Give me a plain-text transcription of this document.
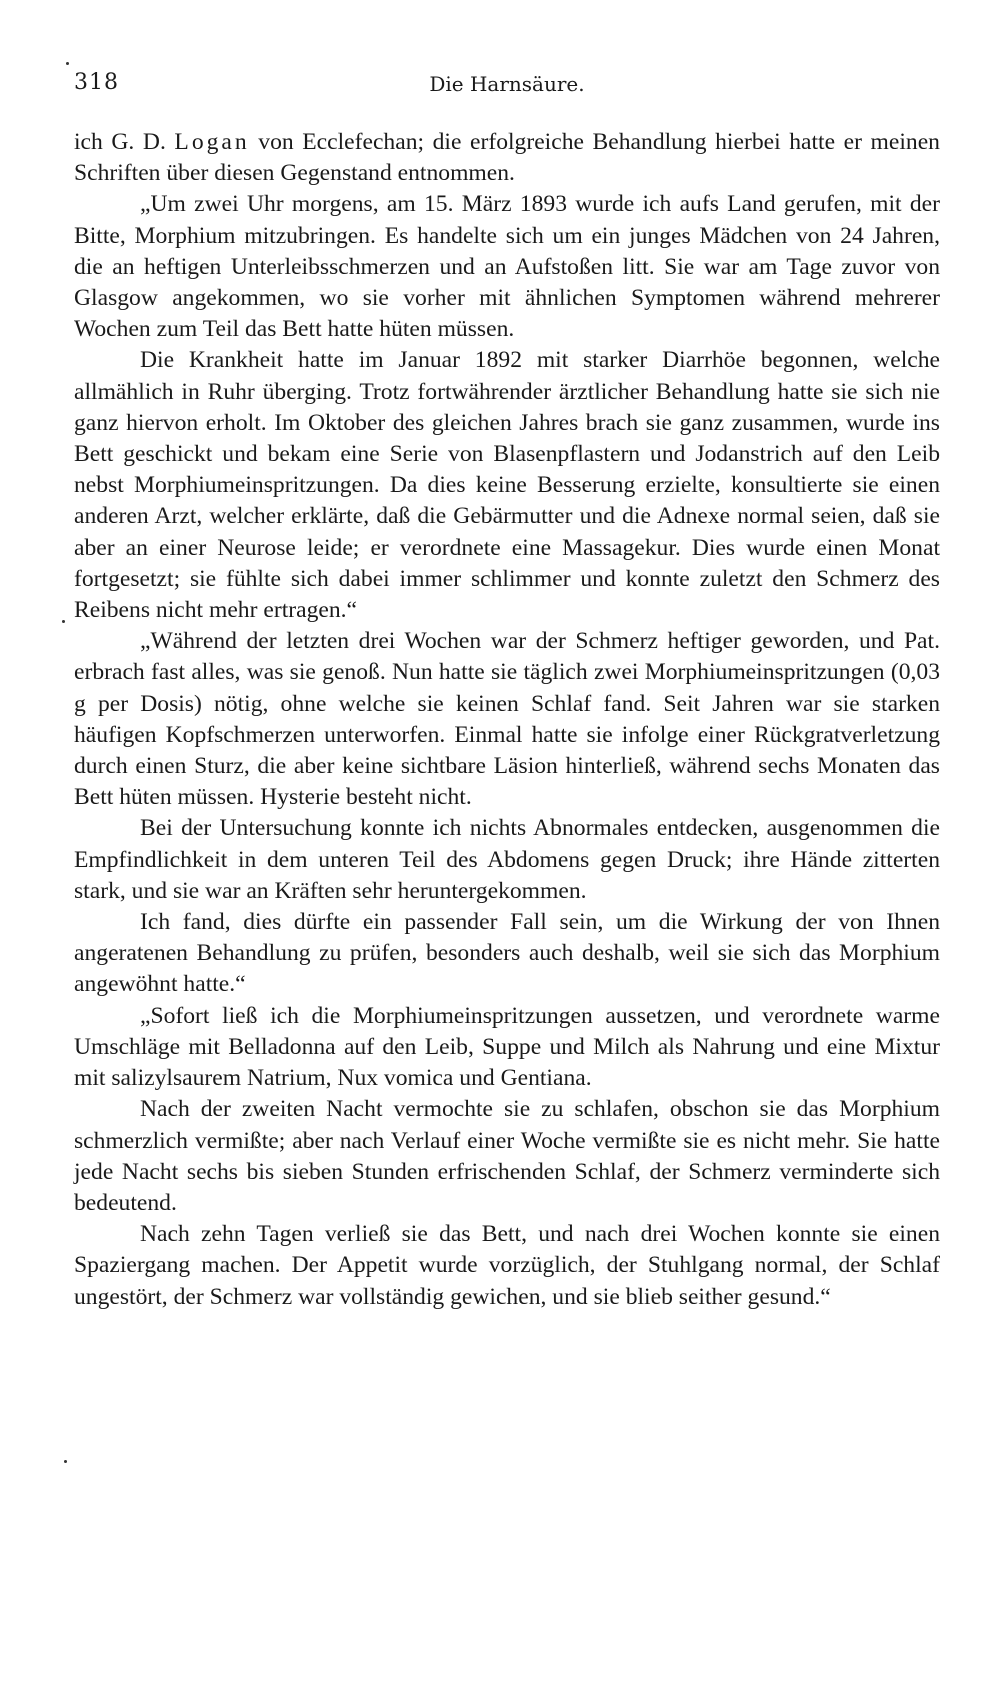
318	Die Harnsäure.

ich G. D. Logan von Ecclefechan; die erfolgreiche Behandlung hierbei hatte er meinen Schriften über diesen Gegenstand entnommen.

„Um zwei Uhr morgens, am 15. März 1893 wurde ich aufs Land gerufen, mit der Bitte, Morphium mitzubringen. Es handelte sich um ein junges Mädchen von 24 Jahren, die an heftigen Unterleibsschmerzen und an Aufstoßen litt. Sie war am Tage zuvor von Glasgow angekommen, wo sie vorher mit ähnlichen Symptomen während mehrerer Wochen zum Teil das Bett hatte hüten müssen.

Die Krankheit hatte im Januar 1892 mit starker Diarrhöe begonnen, welche allmählich in Ruhr überging. Trotz fortwährender ärztlicher Behandlung hatte sie sich nie ganz hiervon erholt. Im Oktober des gleichen Jahres brach sie ganz zusammen, wurde ins Bett geschickt und bekam eine Serie von Blasenpflastern und Jodanstrich auf den Leib nebst Morphiumeinspritzungen. Da dies keine Besserung erzielte, konsultierte sie einen anderen Arzt, welcher erklärte, daß die Gebärmutter und die Adnexe normal seien, daß sie aber an einer Neurose leide; er verordnete eine Massagekur. Dies wurde einen Monat fortgesetzt; sie fühlte sich dabei immer schlimmer und konnte zuletzt den Schmerz des Reibens nicht mehr ertragen.“

„Während der letzten drei Wochen war der Schmerz heftiger geworden, und Pat. erbrach fast alles, was sie genoß. Nun hatte sie täglich zwei Morphiumeinspritzungen (0,03 g per Dosis) nötig, ohne welche sie keinen Schlaf fand. Seit Jahren war sie starken häufigen Kopfschmerzen unterworfen. Einmal hatte sie infolge einer Rückgratverletzung durch einen Sturz, die aber keine sichtbare Läsion hinterließ, während sechs Monaten das Bett hüten müssen. Hysterie besteht nicht.

Bei der Untersuchung konnte ich nichts Abnormales entdecken, ausgenommen die Empfindlichkeit in dem unteren Teil des Abdomens gegen Druck; ihre Hände zitterten stark, und sie war an Kräften sehr heruntergekommen.

Ich fand, dies dürfte ein passender Fall sein, um die Wirkung der von Ihnen angeratenen Behandlung zu prüfen, besonders auch deshalb, weil sie sich das Morphium angewöhnt hatte.“

„Sofort ließ ich die Morphiumeinspritzungen aussetzen, und verordnete warme Umschläge mit Belladonna auf den Leib, Suppe und Milch als Nahrung und eine Mixtur mit salizylsaurem Natrium, Nux vomica und Gentiana.

Nach der zweiten Nacht vermochte sie zu schlafen, obschon sie das Morphium schmerzlich vermißte; aber nach Verlauf einer Woche vermißte sie es nicht mehr. Sie hatte jede Nacht sechs bis sieben Stunden erfrischenden Schlaf, der Schmerz verminderte sich bedeutend.

Nach zehn Tagen verließ sie das Bett, und nach drei Wochen konnte sie einen Spaziergang machen. Der Appetit wurde vorzüglich, der Stuhlgang normal, der Schlaf ungestört, der Schmerz war vollständig gewichen, und sie blieb seither gesund.“
